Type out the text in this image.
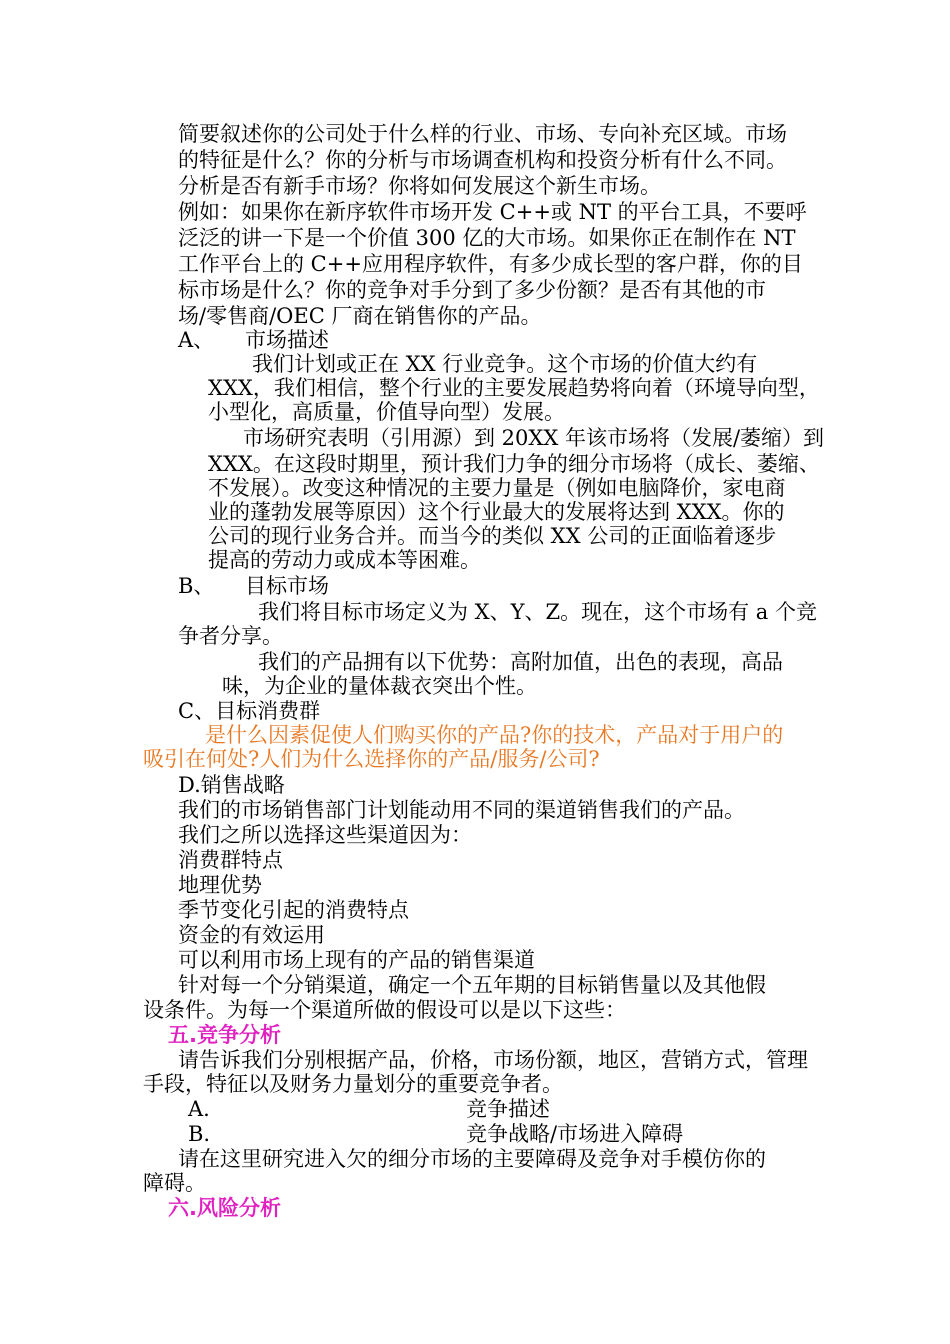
简要叙述你的公司处于什么样的行业、市场、专向补充区域。市场
的特征是什么？你的分析与市场调查机构和投资分析有什么不同。
分析是否有新手市场？你将如何发展这个新生市场。
例如：如果你在新序软件市场开发 C++或 NT 的平台工具，不要呼
泛泛的讲一下是一个价值 300 亿的大市场。如果你正在制作在 NT
工作平台上的 C++应用程序软件，有多少成长型的客户群，你的目
标市场是什么？你的竞争对手分到了多少份额？是否有其他的市
场/零售商/OEC 厂商在销售你的产品。
A、 市场描述
我们计划或正在 XX 行业竞争。这个市场的价值大约有
XXX，我们相信，整个行业的主要发展趋势将向着（环境导向型，
小型化，高质量，价值导向型）发展。
市场研究表明（引用源）到 20XX 年该市场将（发展/萎缩）到
XXX。在这段时期里，预计我们力争的细分市场将（成长、萎缩、
不发展）。改变这种情况的主要力量是（例如电脑降价，家电商
业的蓬勃发展等原因）这个行业最大的发展将达到 XXX。你的
公司的现行业务合并。而当今的类似 XX 公司的正面临着逐步
提高的劳动力或成本等困难。
B、 目标市场
我们将目标市场定义为 X、Y、Z。现在，这个市场有 a 个竞
争者分享。
我们的产品拥有以下优势：高附加值，出色的表现，高品
味，为企业的量体裁衣突出个性。
C、目标消费群
是什么因素促使人们购买你的产品?你的技术，产品对于用户的
吸引在何处?人们为什么选择你的产品/服务/公司?
D.销售战略
我们的市场销售部门计划能动用不同的渠道销售我们的产品。
我们之所以选择这些渠道因为：
消费群特点
地理优势
季节变化引起的消费特点
资金的有效运用
可以利用市场上现有的产品的销售渠道
针对每一个分销渠道，确定一个五年期的目标销售量以及其他假
设条件。为每一个渠道所做的假设可以是以下这些：
五.竞争分析
请告诉我们分别根据产品，价格，市场份额，地区，营销方式，管理
手段，特征以及财务力量划分的重要竞争者。
A.	竞争描述
B.	竞争战略/市场进入障碍
请在这里研究进入欠的细分市场的主要障碍及竞争对手模仿你的
障碍。
六.风险分析
